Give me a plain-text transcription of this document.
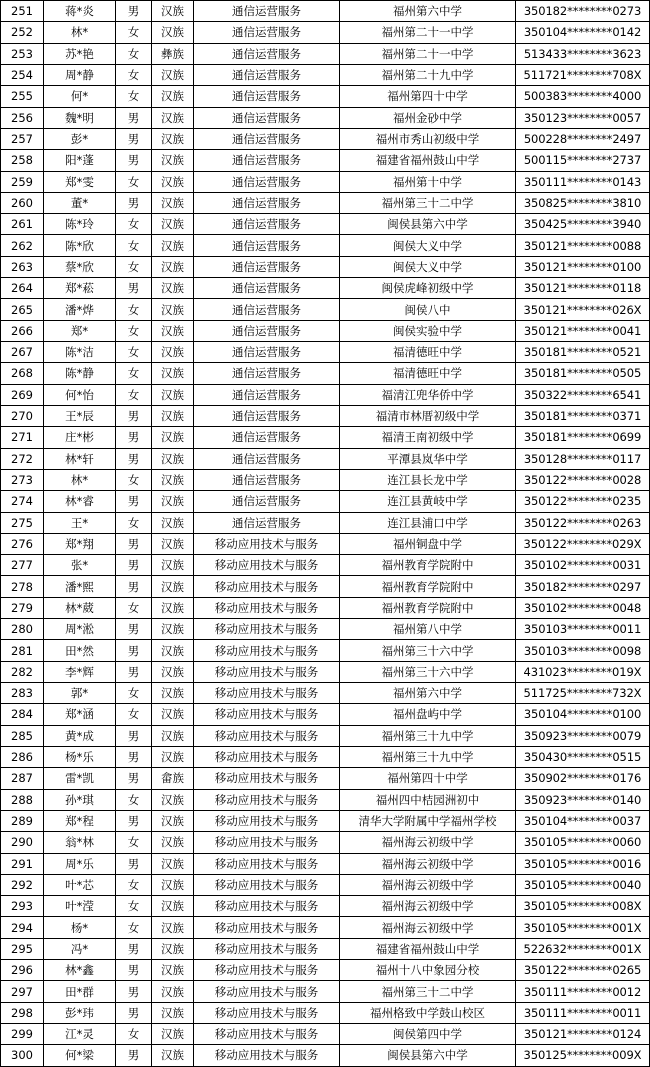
251	蒋*炎	男	汉族	通信运营服务	福州第六中学	350182********0273
252	林*	女	汉族	通信运营服务	福州第二十一中学	350104********0142
253	苏*艳	女	彝族	通信运营服务	福州第二十一中学	513433********3623
254	周*静	女	汉族	通信运营服务	福州第二十九中学	511721********708X
255	何*	女	汉族	通信运营服务	福州第四十中学	500383********4000
256	魏*明	男	汉族	通信运营服务	福州金砂中学	350123********0057
257	彭*	男	汉族	通信运营服务	福州市秀山初级中学	500228********2497
258	阳*蓬	男	汉族	通信运营服务	福建省福州鼓山中学	500115********2737
259	郑*雯	女	汉族	通信运营服务	福州第十中学	350111********0143
260	董*	男	汉族	通信运营服务	福州第三十二中学	350825********3810
261	陈*玲	女	汉族	通信运营服务	闽侯县第六中学	350425********3940
262	陈*欣	女	汉族	通信运营服务	闽侯大义中学	350121********0088
263	蔡*欣	女	汉族	通信运营服务	闽侯大义中学	350121********0100
264	郑*菘	男	汉族	通信运营服务	闽侯虎峰初级中学	350121********0118
265	潘*烨	女	汉族	通信运营服务	闽侯八中	350121********026X
266	郑*	女	汉族	通信运营服务	闽侯实验中学	350121********0041
267	陈*洁	女	汉族	通信运营服务	福清德旺中学	350181********0521
268	陈*静	女	汉族	通信运营服务	福清德旺中学	350181********0505
269	何*怡	女	汉族	通信运营服务	福清江兜华侨中学	350322********6541
270	王*辰	男	汉族	通信运营服务	福清市林厝初级中学	350181********0371
271	庄*彬	男	汉族	通信运营服务	福清王南初级中学	350181********0699
272	林*轩	男	汉族	通信运营服务	平潭县岚华中学	350128********0117
273	林*	女	汉族	通信运营服务	连江县长龙中学	350122********0028
274	林*睿	男	汉族	通信运营服务	连江县黄岐中学	350122********0235
275	王*	女	汉族	通信运营服务	连江县浦口中学	350122********0263
276	郑*翔	男	汉族	移动应用技术与服务	福州铜盘中学	350122********029X
277	张*	男	汉族	移动应用技术与服务	福州教育学院附中	350102********0031
278	潘*熙	男	汉族	移动应用技术与服务	福州教育学院附中	350182********0297
279	林*葳	女	汉族	移动应用技术与服务	福州教育学院附中	350102********0048
280	周*淞	男	汉族	移动应用技术与服务	福州第八中学	350103********0011
281	田*然	男	汉族	移动应用技术与服务	福州第三十六中学	350103********0098
282	李*辉	男	汉族	移动应用技术与服务	福州第三十六中学	431023********019X
283	郭*	女	汉族	移动应用技术与服务	福州第六中学	511725********732X
284	郑*涵	女	汉族	移动应用技术与服务	福州盘屿中学	350104********0100
285	黄*成	男	汉族	移动应用技术与服务	福州第三十九中学	350923********0079
286	杨*乐	男	汉族	移动应用技术与服务	福州第三十九中学	350430********0515
287	雷*凯	男	畲族	移动应用技术与服务	福州第四十中学	350902********0176
288	孙*琪	女	汉族	移动应用技术与服务	福州四中桔园洲初中	350923********0140
289	郑*程	男	汉族	移动应用技术与服务	清华大学附属中学福州学校	350104********0037
290	翁*林	女	汉族	移动应用技术与服务	福州海云初级中学	350105********0060
291	周*乐	男	汉族	移动应用技术与服务	福州海云初级中学	350105********0016
292	叶*芯	女	汉族	移动应用技术与服务	福州海云初级中学	350105********0040
293	叶*滢	女	汉族	移动应用技术与服务	福州海云初级中学	350105********008X
294	杨*	女	汉族	移动应用技术与服务	福州海云初级中学	350105********001X
295	冯*	男	汉族	移动应用技术与服务	福建省福州鼓山中学	522632********001X
296	林*鑫	男	汉族	移动应用技术与服务	福州十八中象园分校	350122********0265
297	田*群	男	汉族	移动应用技术与服务	福州第三十二中学	350111********0012
298	彭*玮	男	汉族	移动应用技术与服务	福州格致中学鼓山校区	350111********0011
299	江*灵	女	汉族	移动应用技术与服务	闽侯第四中学	350121********0124
300	何*梁	男	汉族	移动应用技术与服务	闽侯县第六中学	350125********009X
